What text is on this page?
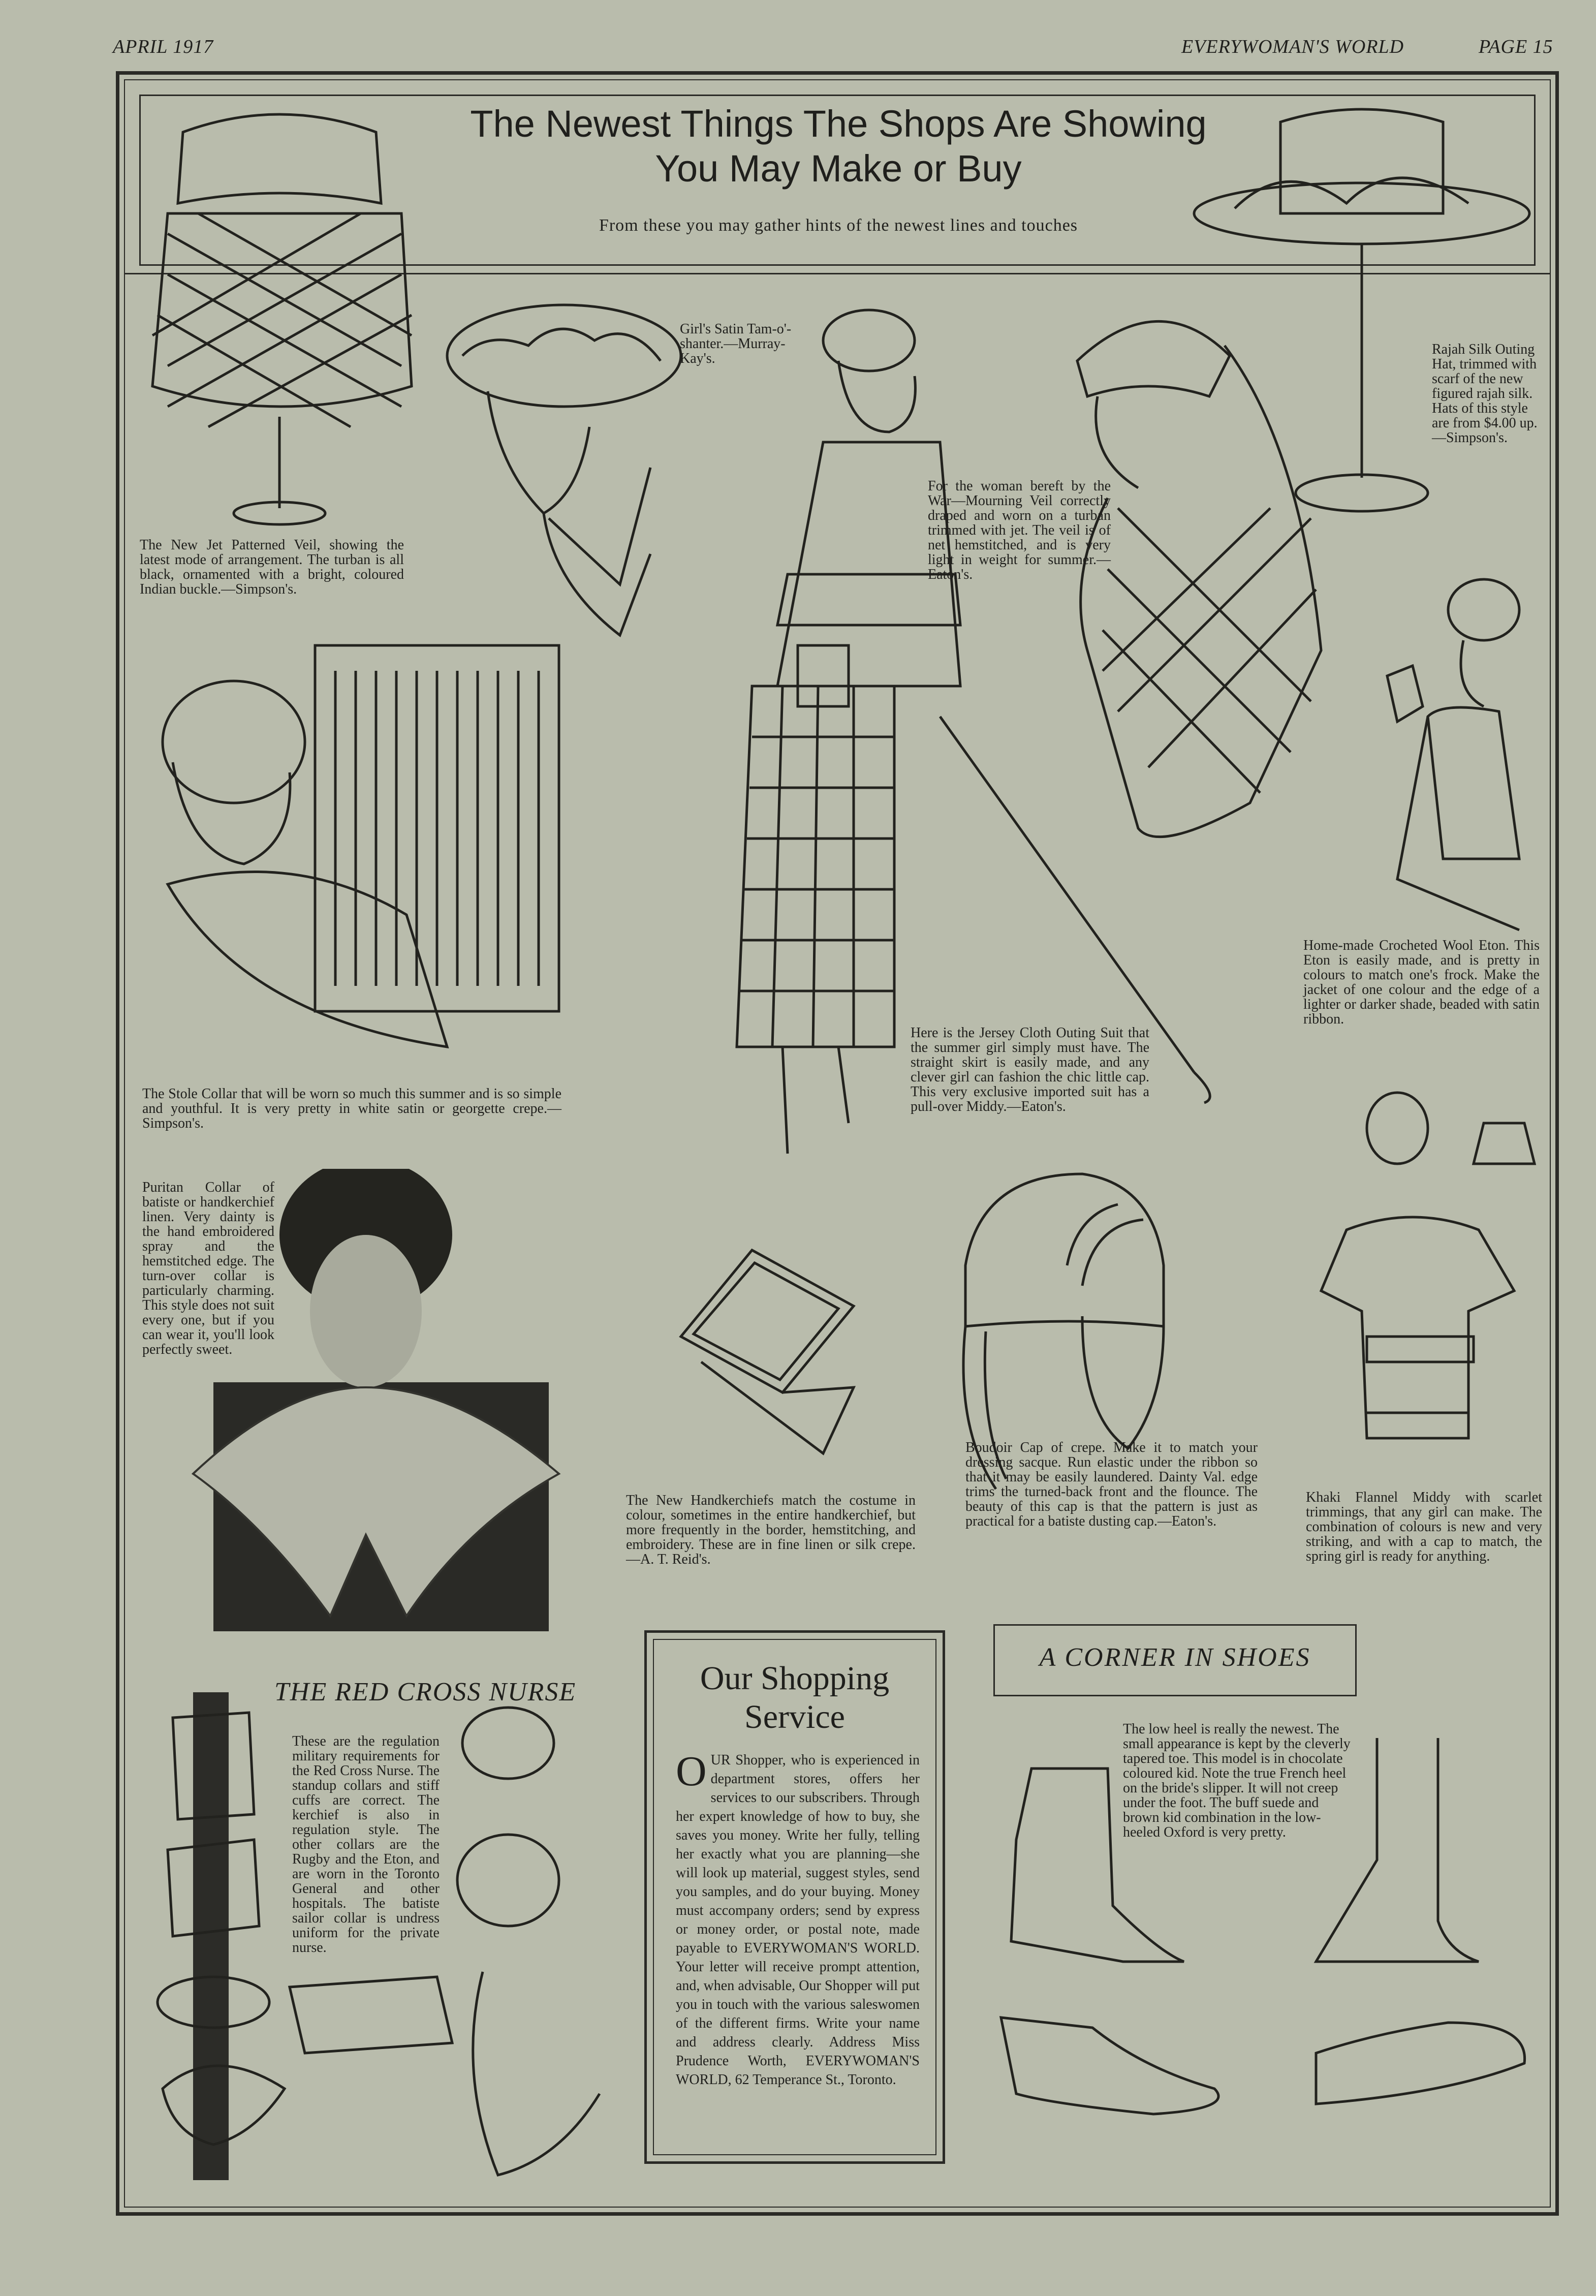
APRIL 1917	EVERYWOMAN'S WORLD	PAGE 15
The Newest Things The Shops Are Showing
You May Make or Buy
From these you may gather hints of the newest lines and touches
The New Jet Patterned Veil, showing the latest mode of arrangement. The turban is all black, ornamented with a bright, coloured Indian buckle.—Simpson's.
Girl's Satin Tam-o'-shanter.—Murray-Kay's.
For the woman bereft by the War—Mourning Veil correctly draped and worn on a turban trimmed with jet. The veil is of net hemstitched, and is very light in weight for summer.—Eaton's.
Rajah Silk Outing Hat, trimmed with scarf of the new figured rajah silk. Hats of this style are from $4.00 up.—Simpson's.
Home-made Crocheted Wool Eton. This Eton is easily made, and is pretty in colours to match one's frock. Make the jacket of one colour and the edge of a lighter or darker shade, beaded with satin ribbon.
The Stole Collar that will be worn so much this summer and is so simple and youthful. It is very pretty in white satin or georgette crepe.—Simpson's.
Here is the Jersey Cloth Outing Suit that the summer girl simply must have. The straight skirt is easily made, and any clever girl can fashion the chic little cap. This very exclusive imported suit has a pull-over Middy.—Eaton's.
Puritan Collar of batiste or handkerchief linen. Very dainty is the hand embroidered spray and the hemstitched edge. The turn-over collar is particularly charming. This style does not suit every one, but if you can wear it, you'll look perfectly sweet.
The New Handkerchiefs match the costume in colour, sometimes in the entire handkerchief, but more frequently in the border, hemstitching, and embroidery. These are in fine linen or silk crepe.—A. T. Reid's.
Boudoir Cap of crepe. Make it to match your dressing sacque. Run elastic under the ribbon so that it may be easily laundered. Dainty Val. edge trims the turned-back front and the flounce. The beauty of this cap is that the pattern is just as practical for a batiste dusting cap.—Eaton's.
Khaki Flannel Middy with scarlet trimmings, that any girl can make. The combination of colours is new and very striking, and with a cap to match, the spring girl is ready for anything.
THE RED CROSS NURSE
These are the regulation military requirements for the Red Cross Nurse. The standup collars and stiff cuffs are correct. The kerchief is also in regulation style. The other collars are the Rugby and the Eton, and are worn in the Toronto General and other hospitals. The batiste sailor collar is undress uniform for the private nurse.
Our Shopping Service
OUR Shopper, who is experienced in department stores, offers her services to our subscribers. Through her expert knowledge of how to buy, she saves you money. Write her fully, telling her exactly what you are planning—she will look up material, suggest styles, send you samples, and do your buying. Money must accompany orders; send by express or money order, or postal note, made payable to EVERYWOMAN'S WORLD. Your letter will receive prompt attention, and, when advisable, Our Shopper will put you in touch with the various saleswomen of the different firms. Write your name and address clearly. Address Miss Prudence Worth, EVERYWOMAN'S WORLD, 62 Temperance St., Toronto.
A CORNER IN SHOES
The low heel is really the newest. The small appearance is kept by the cleverly tapered toe. This model is in chocolate coloured kid. Note the true French heel on the bride's slipper. It will not creep under the foot. The buff suede and brown kid combination in the low-heeled Oxford is very pretty.
